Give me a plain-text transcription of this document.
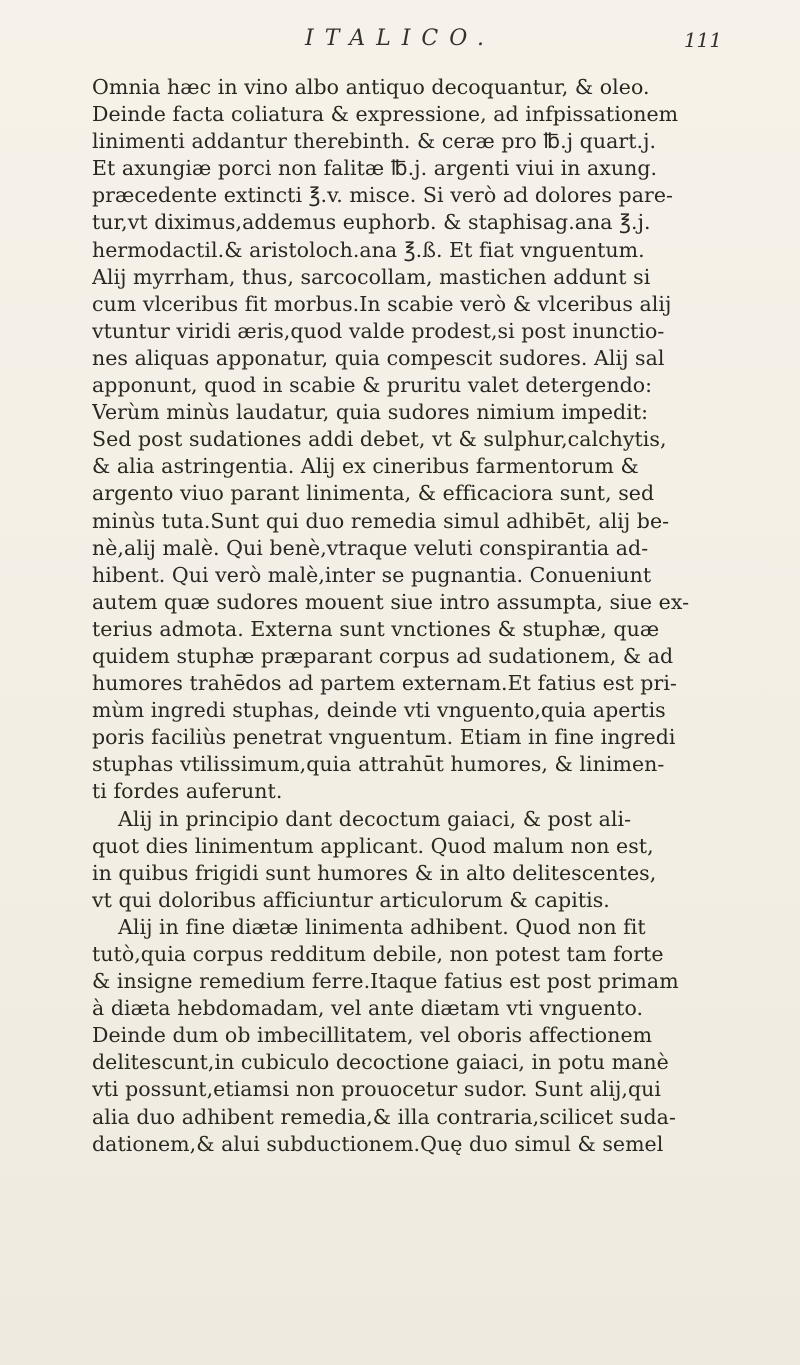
ITALICO.	111
Omnia hæc in vino albo antiquo decoquantur, & oleo.
Deinde facta coliatura & expressione, ad infpissationem
linimenti addantur therebinth. & ceræ pro ℔.j quart.j.
Et axungiæ porci non falitæ ℔.j. argenti viui in axung.
præcedente extincti ℥.v. misce. Si verò ad dolores pare-
tur,vt diximus,addemus euphorb. & staphisag.ana ℥.j.
hermodactil.& aristoloch.ana ℥.ß. Et fiat vnguentum.
Alij myrrham, thus, sarcocollam, mastichen addunt si
cum vlceribus fit morbus.In scabie verò & vlceribus alij
vtuntur viridi æris,quod valde prodest,si post inunctio-
nes aliquas apponatur, quia compescit sudores. Alij sal
apponunt, quod in scabie & pruritu valet detergendo:
Verùm minùs laudatur, quia sudores nimium impedit:
Sed post sudationes addi debet, vt & sulphur,calchytis,
& alia astringentia. Alij ex cineribus farmentorum &
argento viuo parant linimenta, & efficaciora sunt, sed
minùs tuta.Sunt qui duo remedia simul adhibēt, alij be-
nè,alij malè. Qui benè,vtraque veluti conspirantia ad-
hibent. Qui verò malè,inter se pugnantia. Conueniunt
autem quæ sudores mouent siue intro assumpta, siue ex-
terius admota. Externa sunt vnctiones & stuphæ, quæ
quidem stuphæ præparant corpus ad sudationem, & ad
humores trahēdos ad partem externam.Et fatius est pri-
mùm ingredi stuphas, deinde vti vnguento,quia apertis
poris faciliùs penetrat vnguentum. Etiam in fine ingredi
stuphas vtilissimum,quia attrahūt humores, & linimen-
ti fordes auferunt.
Alij in principio dant decoctum gaiaci, & post ali-
quot dies linimentum applicant. Quod malum non est,
in quibus frigidi sunt humores & in alto delitescentes,
vt qui doloribus afficiuntur articulorum & capitis.
Alij in fine diætæ linimenta adhibent. Quod non fit
tutò,quia corpus redditum debile, non potest tam forte
& insigne remedium ferre.Itaque fatius est post primam
à diæta hebdomadam, vel ante diætam vti vnguento.
Deinde dum ob imbecillitatem, vel oboris affectionem
delitescunt,in cubiculo decoctione gaiaci, in potu manè
vti possunt,etiamsi non prouocetur sudor. Sunt alij,qui
alia duo adhibent remedia,& illa contraria,scilicet suda-
dationem,& alui subductionem.Quę duo simul & semel
